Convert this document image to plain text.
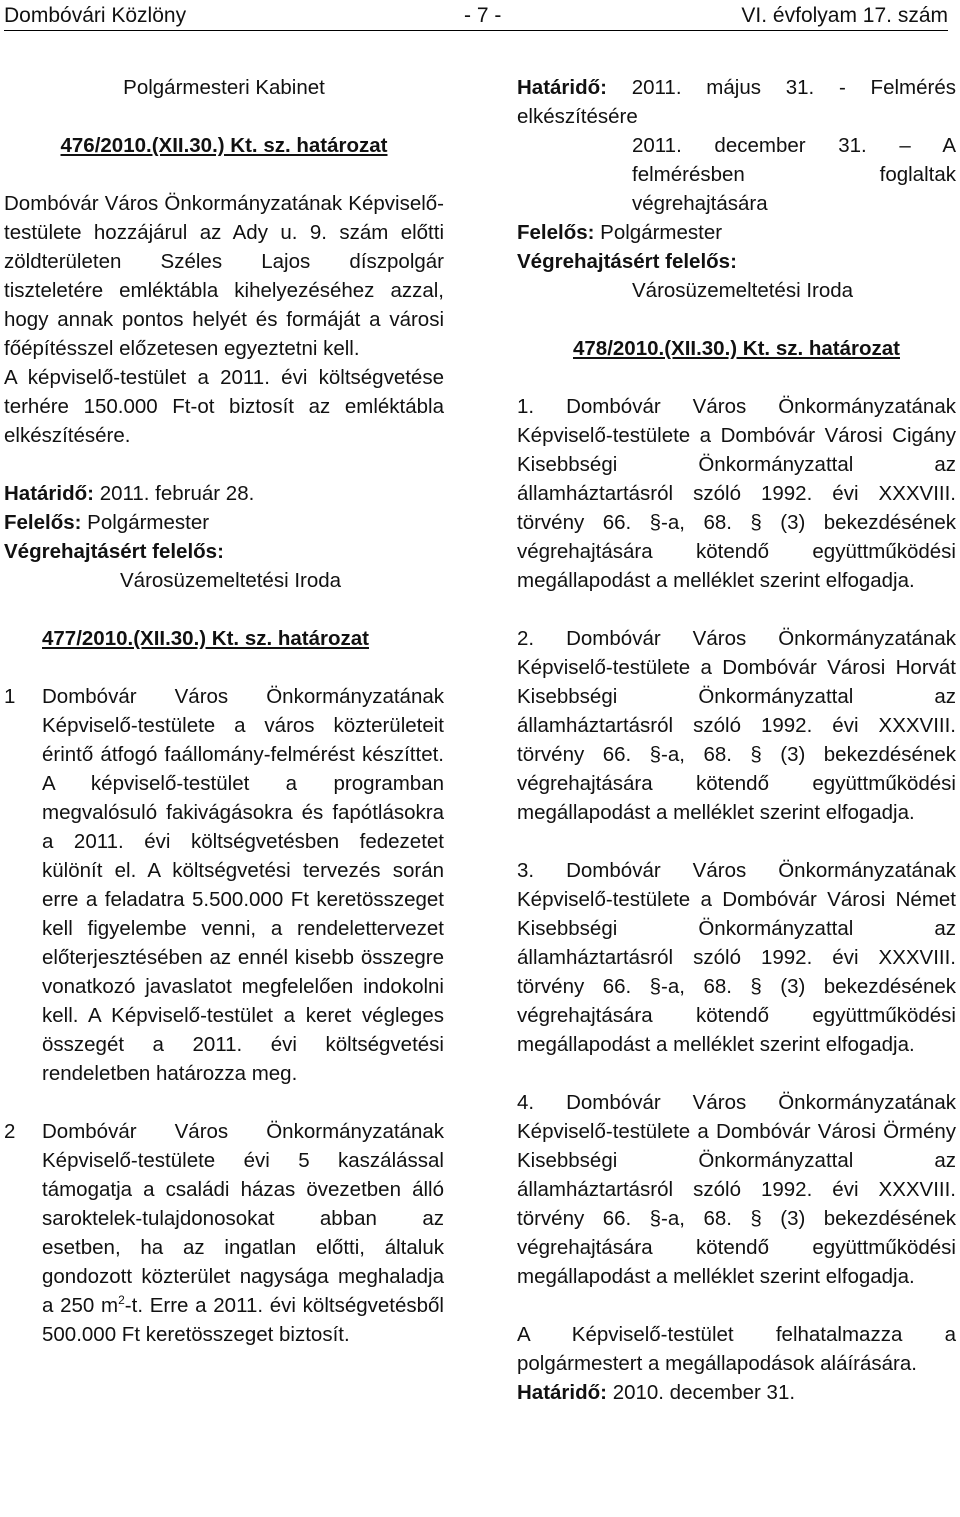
Dombóvári Közlöny	- 7 -	VI. évfolyam 17. szám

Polgármesteri Kabinet

476/2010.(XII.30.) Kt. sz. határozat

Dombóvár Város Önkormányzatának Képviselő-testülete hozzájárul az Ady u. 9. szám előtti zöldterületen Széles Lajos díszpolgár tiszteletére emléktábla kihelyezéséhez azzal, hogy annak pontos helyét és formáját a városi főépítésszel előzetesen egyeztetni kell.

A képviselő-testület a 2011. évi költségvetése terhére 150.000 Ft-ot biztosít az emléktábla elkészítésére.

Határidő: 2011. február 28.

Felelős: Polgármester

Végrehajtásért felelős:

Városüzemeltetési Iroda

477/2010.(XII.30.) Kt. sz. határozat

1 Dombóvár Város Önkormányzatának Képviselő-testülete a város közterületeit érintő átfogó faállomány-felmérést készíttet. A képviselő-testület a programban megvalósuló fakivágásokra és fapótlásokra a 2011. évi költségvetésben fedezetet különít el. A költségvetési tervezés során erre a feladatra 5.500.000 Ft keretösszeget kell figyelembe venni, a rendelettervezet előterjesztésében az ennél kisebb összegre vonatkozó javaslatot megfelelően indokolni kell. A Képviselő-testület a keret végleges összegét a 2011. évi költségvetési rendeletben határozza meg.

2 Dombóvár Város Önkormányzatának Képviselő-testülete évi 5 kaszálással támogatja a családi házas övezetben álló saroktelek-tulajdonosokat abban az esetben, ha az ingatlan előtti, általuk gondozott közterület nagysága meghaladja a 250 $m^2-t$. Erre a 2011. évi költségvetésből 500.000 Ft keretösszeget biztosít.

Határidő: 2011. május 31. - Felmérés elkészítésére

2011. december 31. – A felmérésben foglaltak végrehajtására

Felelős: Polgármester

Végrehajtásért felelős:

Városüzemeltetési Iroda

478/2010.(XII.30.) Kt. sz. határozat

1. Dombóvár Város Önkormányzatának Képviselő-testülete a Dombóvár Városi Cigány Kisebbségi Önkormányzattal az államháztartásról szóló 1992. évi XXXVIII. törvény 66. §-a, 68. § (3) bekezdésének végrehajtására kötendő együttműködési megállapodást a melléklet szerint elfogadja.

2. Dombóvár Város Önkormányzatának Képviselő-testülete a Dombóvár Városi Horvát Kisebbségi Önkormányzattal az államháztartásról szóló 1992. évi XXXVIII. törvény 66. §-a, 68. § (3) bekezdésének végrehajtására kötendő együttműködési megállapodást a melléklet szerint elfogadja.

3. Dombóvár Város Önkormányzatának Képviselő-testülete a Dombóvár Városi Német Kisebbségi Önkormányzattal az államháztartásról szóló 1992. évi XXXVIII. törvény 66. §-a, 68. § (3) bekezdésének végrehajtására kötendő együttműködési megállapodást a melléklet szerint elfogadja.

4. Dombóvár Város Önkormányzatának Képviselő-testülete a Dombóvár Városi Örmény Kisebbségi Önkormányzattal az államháztartásról szóló 1992. évi XXXVIII. törvény 66. §-a, 68. § (3) bekezdésének végrehajtására kötendő együttműködési megállapodást a melléklet szerint elfogadja.

A Képviselő-testület felhatalmazza a polgármestert a megállapodások aláírására.

Határidő: 2010. december 31.
